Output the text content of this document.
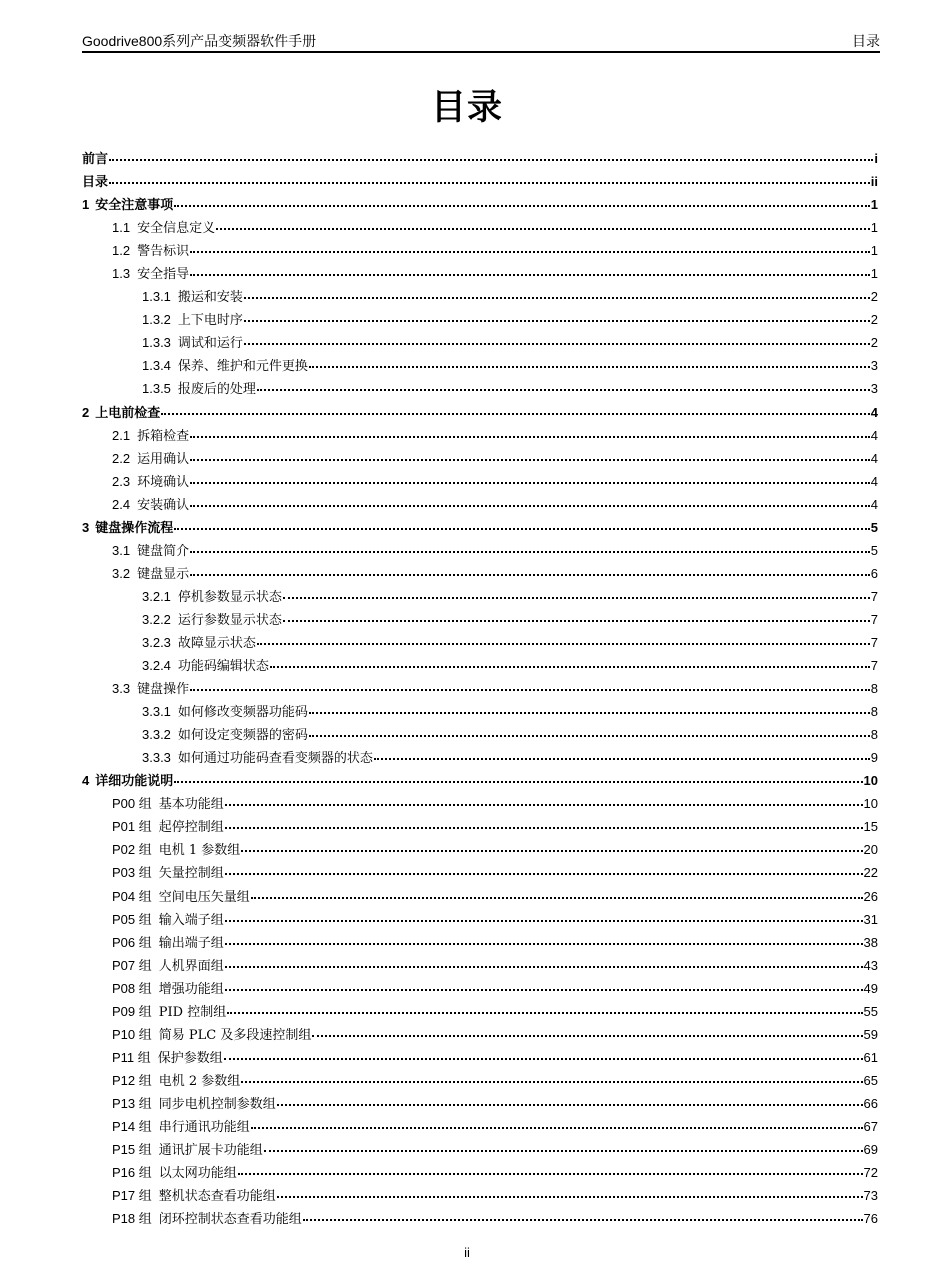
Goodrive800系列产品变频器软件手册	目录
目录
前言	i
目录	ii
1 安全注意事项	1
1.1 安全信息定义	1
1.2 警告标识	1
1.3 安全指导	1
1.3.1 搬运和安装	2
1.3.2 上下电时序	2
1.3.3 调试和运行	2
1.3.4 保养、维护和元件更换	3
1.3.5 报废后的处理	3
2 上电前检查	4
2.1 拆箱检查	4
2.2 运用确认	4
2.3 环境确认	4
2.4 安装确认	4
3 键盘操作流程	5
3.1 键盘简介	5
3.2 键盘显示	6
3.2.1 停机参数显示状态	7
3.2.2 运行参数显示状态	7
3.2.3 故障显示状态	7
3.2.4 功能码编辑状态	7
3.3 键盘操作	8
3.3.1 如何修改变频器功能码	8
3.3.2 如何设定变频器的密码	8
3.3.3 如何通过功能码查看变频器的状态	9
4 详细功能说明	10
P00 组 基本功能组	10
P01 组 起停控制组	15
P02 组 电机 1 参数组	20
P03 组 矢量控制组	22
P04 组 空间电压矢量组	26
P05 组 输入端子组	31
P06 组 输出端子组	38
P07 组 人机界面组	43
P08 组 增强功能组	49
P09 组 PID 控制组	55
P10 组 简易 PLC 及多段速控制组	59
P11 组 保护参数组	61
P12 组 电机 2 参数组	65
P13 组 同步电机控制参数组	66
P14 组 串行通讯功能组	67
P15 组 通讯扩展卡功能组	69
P16 组 以太网功能组	72
P17 组 整机状态查看功能组	73
P18 组 闭环控制状态查看功能组	76
ii
